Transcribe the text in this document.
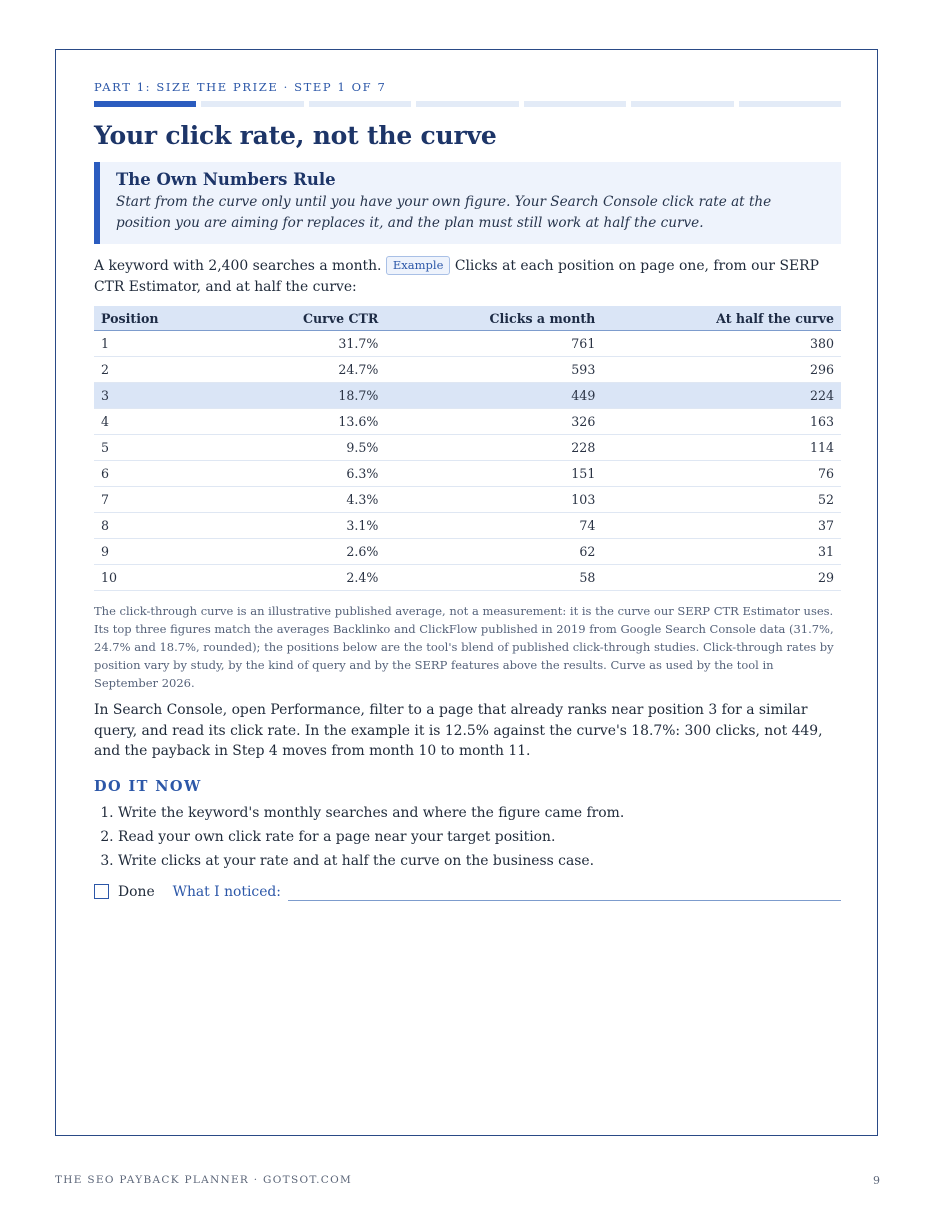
PART 1: SIZE THE PRIZE · STEP 1 OF 7
Your click rate, not the curve
The Own Numbers Rule

Start from the curve only until you have your own figure. Your Search Console click rate at the position you are aiming for replaces it, and the plan must still work at half the curve.

A keyword with 2,400 searches a month. Example Clicks at each position on page one, from our SERP CTR Estimator, and at half the curve:
Position	Curve CTR	Clicks a month	At half the curve
1	31.7%	761	380
2	24.7%	593	296
3	18.7%	449	224
4	13.6%	326	163
5	9.5%	228	114
6	6.3%	151	76
7	4.3%	103	52
8	3.1%	74	37
9	2.6%	62	31
10	2.4%	58	29
The click-through curve is an illustrative published average, not a measurement: it is the curve our SERP CTR Estimator uses. Its top three figures match the averages Backlinko and ClickFlow published in 2019 from Google Search Console data (31.7%, 24.7% and 18.7%, rounded); the positions below are the tool's blend of published click-through studies. Click-through rates by position vary by study, by the kind of query and by the SERP features above the results. Curve as used by the tool in September 2026.
In Search Console, open Performance, filter to a page that already ranks near position 3 for a similar query, and read its click rate. In the example it is 12.5% against the curve's 18.7%: 300 clicks, not 449, and the payback in Step 4 moves from month 10 to month 11.
DO IT NOW
1. Write the keyword's monthly searches and where the figure came from.
2. Read your own click rate for a page near your target position.
3. Write clicks at your rate and at half the curve on the business case.
Done What I noticed:
THE SEO PAYBACK PLANNER · GOTSOT.COM	9
